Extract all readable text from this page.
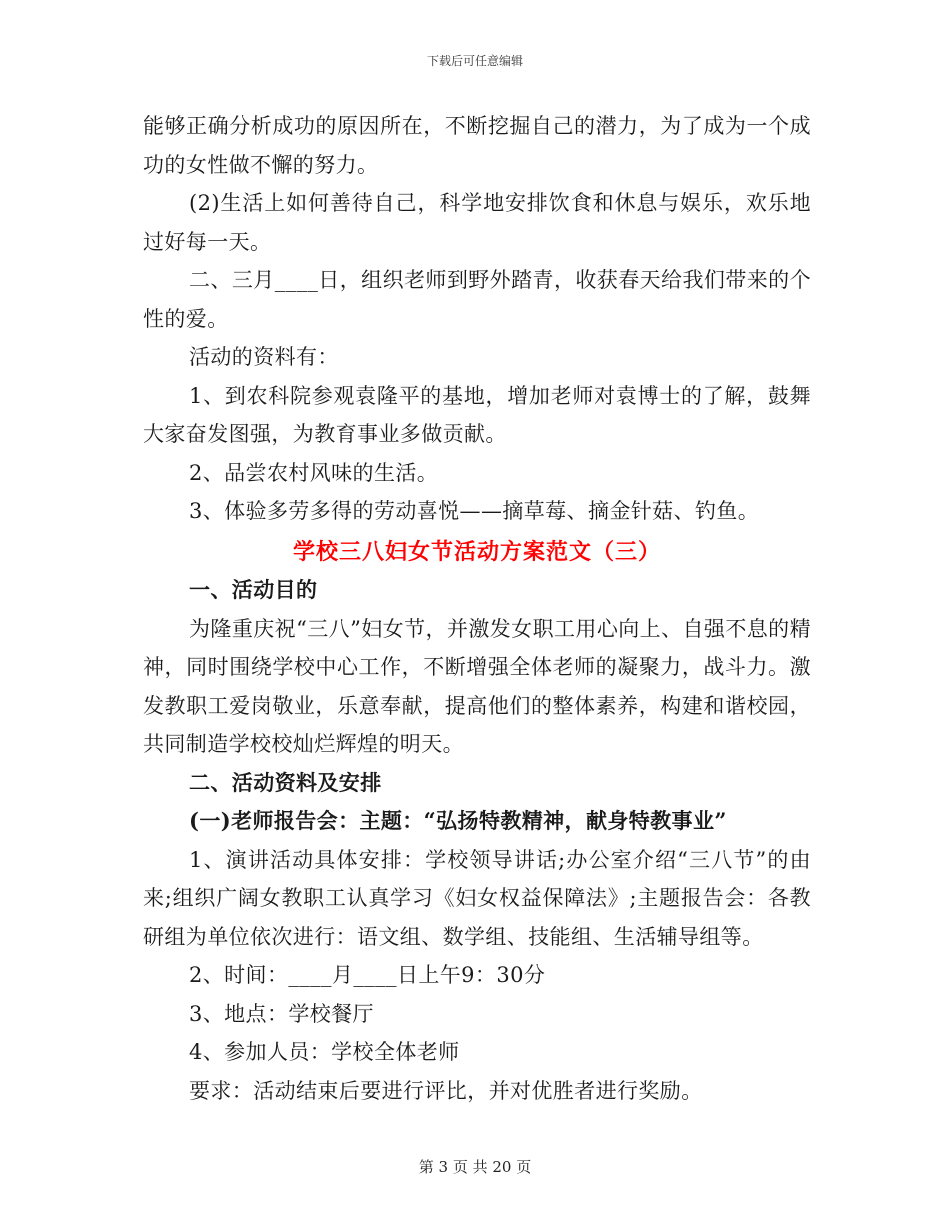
下载后可任意编辑

能够正确分析成功的原因所在，不断挖掘自己的潜力，为了成为一个成功的女性做不懈的努力。

(2)生活上如何善待自己，科学地安排饮食和休息与娱乐，欢乐地过好每一天。

二、三月____日，组织老师到野外踏青，收获春天给我们带来的个性的爱。

活动的资料有：

1、到农科院参观袁隆平的基地，增加老师对袁博士的了解，鼓舞大家奋发图强，为教育事业多做贡献。

2、品尝农村风味的生活。

3、体验多劳多得的劳动喜悦——摘草莓、摘金针菇、钓鱼。

学校三八妇女节活动方案范文（三）

一、活动目的

为隆重庆祝“三八”妇女节，并激发女职工用心向上、自强不息的精神，同时围绕学校中心工作，不断增强全体老师的凝聚力，战斗力。激发教职工爱岗敬业，乐意奉献，提高他们的整体素养，构建和谐校园，共同制造学校校灿烂辉煌的明天。

二、活动资料及安排

(一)老师报告会：主题：“弘扬特教精神，献身特教事业”

1、演讲活动具体安排：学校领导讲话;办公室介绍“三八节”的由来;组织广阔女教职工认真学习《妇女权益保障法》;主题报告会：各教研组为单位依次进行：语文组、数学组、技能组、生活辅导组等。

2、时间：____月____日上午9：30分

3、地点：学校餐厅

4、参加人员：学校全体老师

要求：活动结束后要进行评比，并对优胜者进行奖励。

第 3 页 共 20 页
